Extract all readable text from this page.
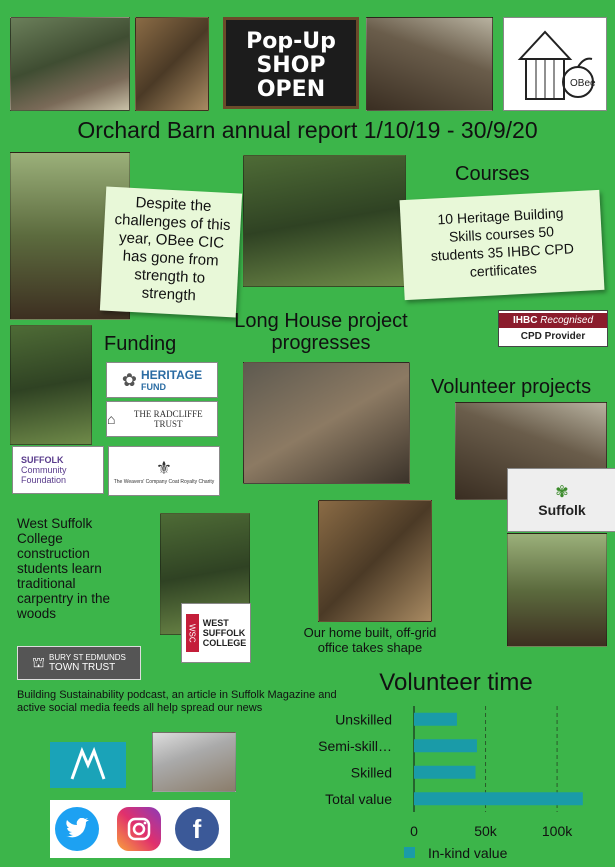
Pop-Up SHOP OPEN	OBee
Orchard Barn annual report 1/10/19 - 30/9/20
Despite the challenges of this year, OBee CIC has gone from strength to strength
Courses
10 Heritage Building Skills courses 50 students 35 IHBC CPD certificates
IHBC Recognised
CPD Provider
Funding
✿ HERITAGE
FUND
⌂	THE RADCLIFFE TRUST
SUFFOLK
Community
Foundation
⚜
The Weavers' Company Coat Royalty Charity
Long House project progresses
Volunteer projects
✾
Suffolk
West Suffolk College construction students learn traditional carpentry in the woods
WSC
WEST
SUFFOLK
COLLEGE
Our home built, off-grid office takes shape
⛫ BURY ST EDMUNDS
TOWN TRUST
Building Sustainability podcast, an article in Suffolk Magazine and active social media feeds all help spread our news
f
Volunteer time
0	50k	100k
Unskilled
Semi-skill…
Skilled
Total value
In-kind value
